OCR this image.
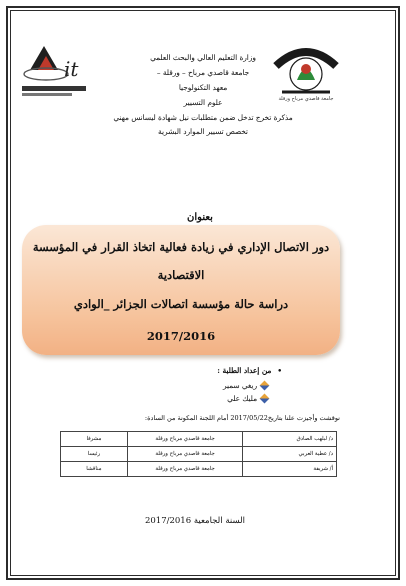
it
جامعة قاصدي مرباح ورقلة
وزارة التعليم العالي والبحث العلمي
جامعة قاصدي مرباح – ورقلة –
معهد التكنولوجيا
علوم التسيير
مذكرة تخرج تدخل ضمن متطلبات نيل شهادة ليسانس مهني
تخصص تسيير الموارد البشرية
بعنوان
دور الاتصال الإداري في زيادة فعالية اتخاذ القرار في المؤسسة الاقتصادية
دراسة حالة مؤسسة اتصالات الجزائر _الوادي
2017/2016
• من إعداد الطلبة :
ريغي سمير
مليك علي
نوقشت وأجيزت علنا بتاريخ2017/05/22 أمام اللجنة المكونة من السادة:
د/ لبلهب الصادق	جامعة قاصدي مرباح ورقلة	مشرفا
د/ عطية العربي	جامعة قاصدي مرباح ورقلة	رئيسا
أ/ شريفة	جامعة قاصدي مرباح ورقلة	مناقشا
السنة الجامعية 2017/2016
